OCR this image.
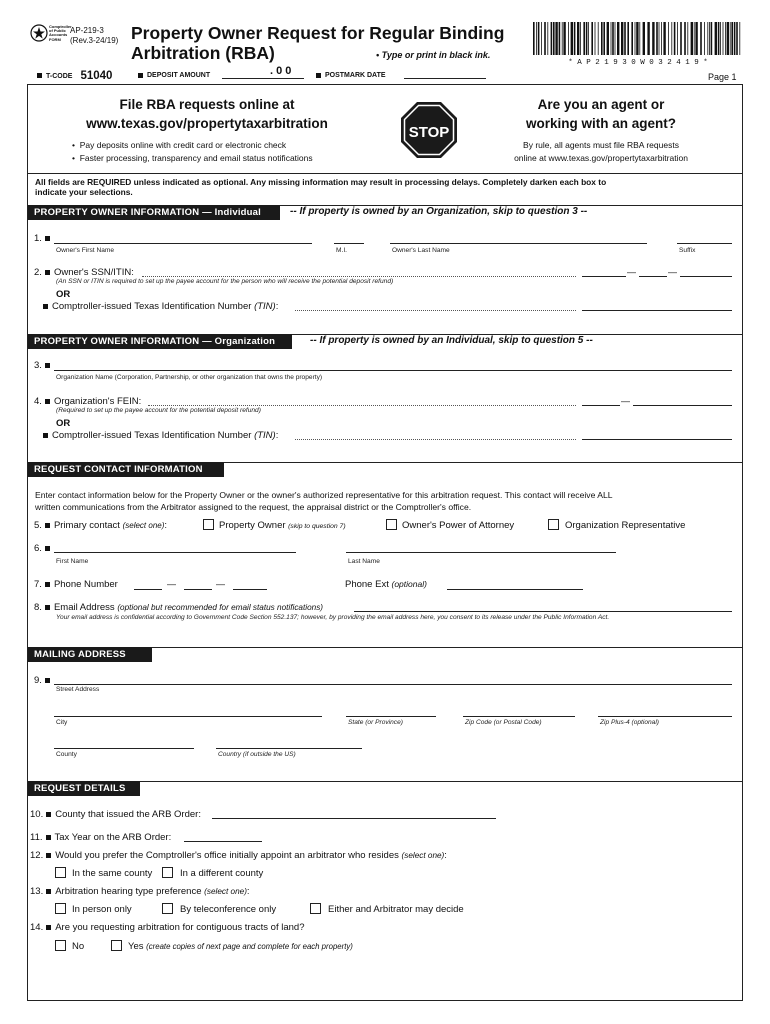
Comptroller of Public Accounts FORM
AP-219-3
(Rev.3-24/19) Property Owner Request for Regular Binding
Arbitration (RBA)	• Type or print in black ink.
* A P 2 1 9 3 0 W 0 3 2 4 1 9 *
Page 1
T-CODE 51040	DEPOSIT AMOUNT	. 0 0	POSTMARK DATE
File RBA requests online at
www.texas.gov/propertytaxarbitration
•  Pay deposits online with credit card or electronic check
•  Faster processing, transparency and email status notifications
STOP
Are you an agent or
working with an agent?
By rule, all agents must file RBA requests
online at www.texas.gov/propertytaxarbitration
All fields are REQUIRED unless indicated as optional. Any missing information may result in processing delays. Completely darken each box to
indicate your selections.
PROPERTY OWNER INFORMATION — Individual	-- If property is owned by an Organization, skip to question 3 --
1.
Owner's First Name	M.I.	Owner's Last Name	Suffix
2. Owner's SSN/ITIN:	—	—
(An SSN or ITIN is required to set up the payee account for the person who will receive the potential deposit refund)
OR
Comptroller-issued Texas Identification Number
(TIN) :
PROPERTY OWNER INFORMATION — Organization	-- If property is owned by an Individual, skip to question 5 --
3.
Organization Name (Corporation, Partnership, or other organization that owns the property)
4. Organization's FEIN:	—
(Required to set up the payee account for the potential deposit refund)
OR
Comptroller-issued Texas Identification Number
(TIN) :
REQUEST CONTACT INFORMATION
Enter contact information below for the Property Owner or the owner's authorized representative for this arbitration request. This contact will receive ALL
written communications from the Arbitrator assigned to the request, the appraisal district or the Comptroller's office.
5. Primary contact
(select one) :	Property Owner (skip to question 7)	Owner's Power of Attorney	Organization Representative
6.
First Name	Last Name
7. Phone Number	—	—	Phone Ext (optional)
8. Email Address
(optional but recommended for email status notifications)
Your email address is confidential according to Government Code Section 552.137; however, by providing the email address here, you consent to its release under the Public Information Act.
MAILING ADDRESS
9.
Street Address
City	State (or Province)	Zip Code (or Postal Code)	Zip Plus-4 (optional)
County	Country (if outside the US)
REQUEST DETAILS
10. County that issued the ARB Order:
11. Tax Year on the ARB Order:
12. Would you prefer the Comptroller's office initially appoint an arbitrator who resides
(select one) :
In the same county	In a different county
13. Arbitration hearing type preference
(select one) :
In person only	By teleconference only	Either and Arbitrator may decide
14. Are you requesting arbitration for contiguous tracts of land?
No	Yes (create copies of next page and complete for each property)
